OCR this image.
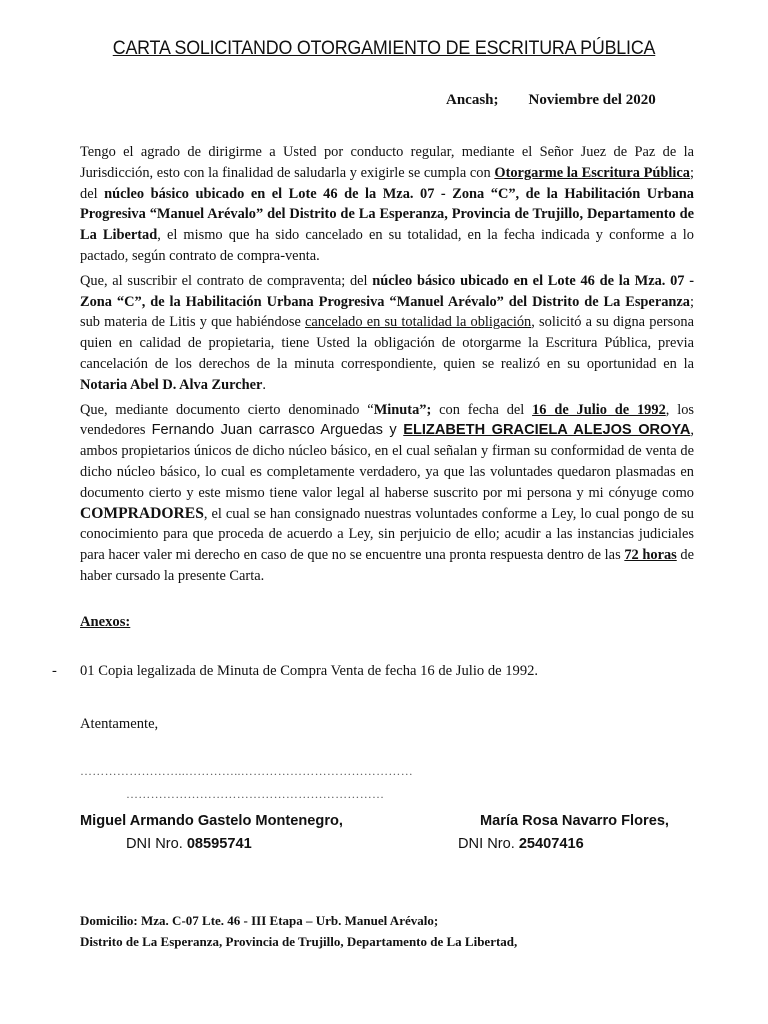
CARTA SOLICITANDO OTORGAMIENTO DE ESCRITURA PÚBLICA
Ancash; Noviembre del 2020

Tengo el agrado de dirigirme a Usted por conducto regular, mediante el Señor Juez de Paz de la Jurisdicción, esto con la finalidad de saludarla y exigirle se cumpla con Otorgarme la Escritura Pública; del núcleo básico ubicado en el Lote 46 de la Mza. 07 - Zona “C”, de la Habilitación Urbana Progresiva “Manuel Arévalo” del Distrito de La Esperanza, Provincia de Trujillo, Departamento de La Libertad, el mismo que ha sido cancelado en su totalidad, en la fecha indicada y conforme a lo pactado, según contrato de compra-venta.

Que, al suscribir el contrato de compraventa; del núcleo básico ubicado en el Lote 46 de la Mza. 07 - Zona “C”, de la Habilitación Urbana Progresiva “Manuel Arévalo” del Distrito de La Esperanza; sub materia de Litis y que habiéndose cancelado en su totalidad la obligación, solicitó a su digna persona quien en calidad de propietaria, tiene Usted la obligación de otorgarme la Escritura Pública, previa cancelación de los derechos de la minuta correspondiente, quien se realizó en su oportunidad en la Notaria Abel D. Alva Zurcher.

Que, mediante documento cierto denominado “Minuta”; con fecha del 16 de Julio de 1992, los vendedores Fernando Juan carrasco Arguedas y ELIZABETH GRACIELA ALEJOS OROYA, ambos propietarios únicos de dicho núcleo básico, en el cual señalan y firman su conformidad de venta de dicho núcleo básico, lo cual es completamente verdadero, ya que las voluntades quedaron plasmadas en documento cierto y este mismo tiene valor legal al haberse suscrito por mi persona y mi cónyuge como COMPRADORES, el cual se han consignado nuestras voluntades conforme a Ley, lo cual pongo de su conocimiento para que proceda de acuerdo a Ley, sin perjuicio de ello; acudir a las instancias judiciales para hacer valer mi derecho en caso de que no se encuentre una pronta respuesta dentro de las 72 horas de haber cursado la presente Carta.

Anexos:
- 01 Copia legalizada de Minuta de Compra Venta de fecha 16 de Julio de 1992.
Atentamente,
……………………..…………..……………………………………
………………………………………………………
Miguel Armando Gastelo Montenegro,	María Rosa Navarro Flores,
DNI Nro. 08595741	DNI Nro. 25407416
Domicilio: Mza. C-07 Lte. 46 - III Etapa – Urb. Manuel Arévalo;
Distrito de La Esperanza, Provincia de Trujillo, Departamento de La Libertad,
